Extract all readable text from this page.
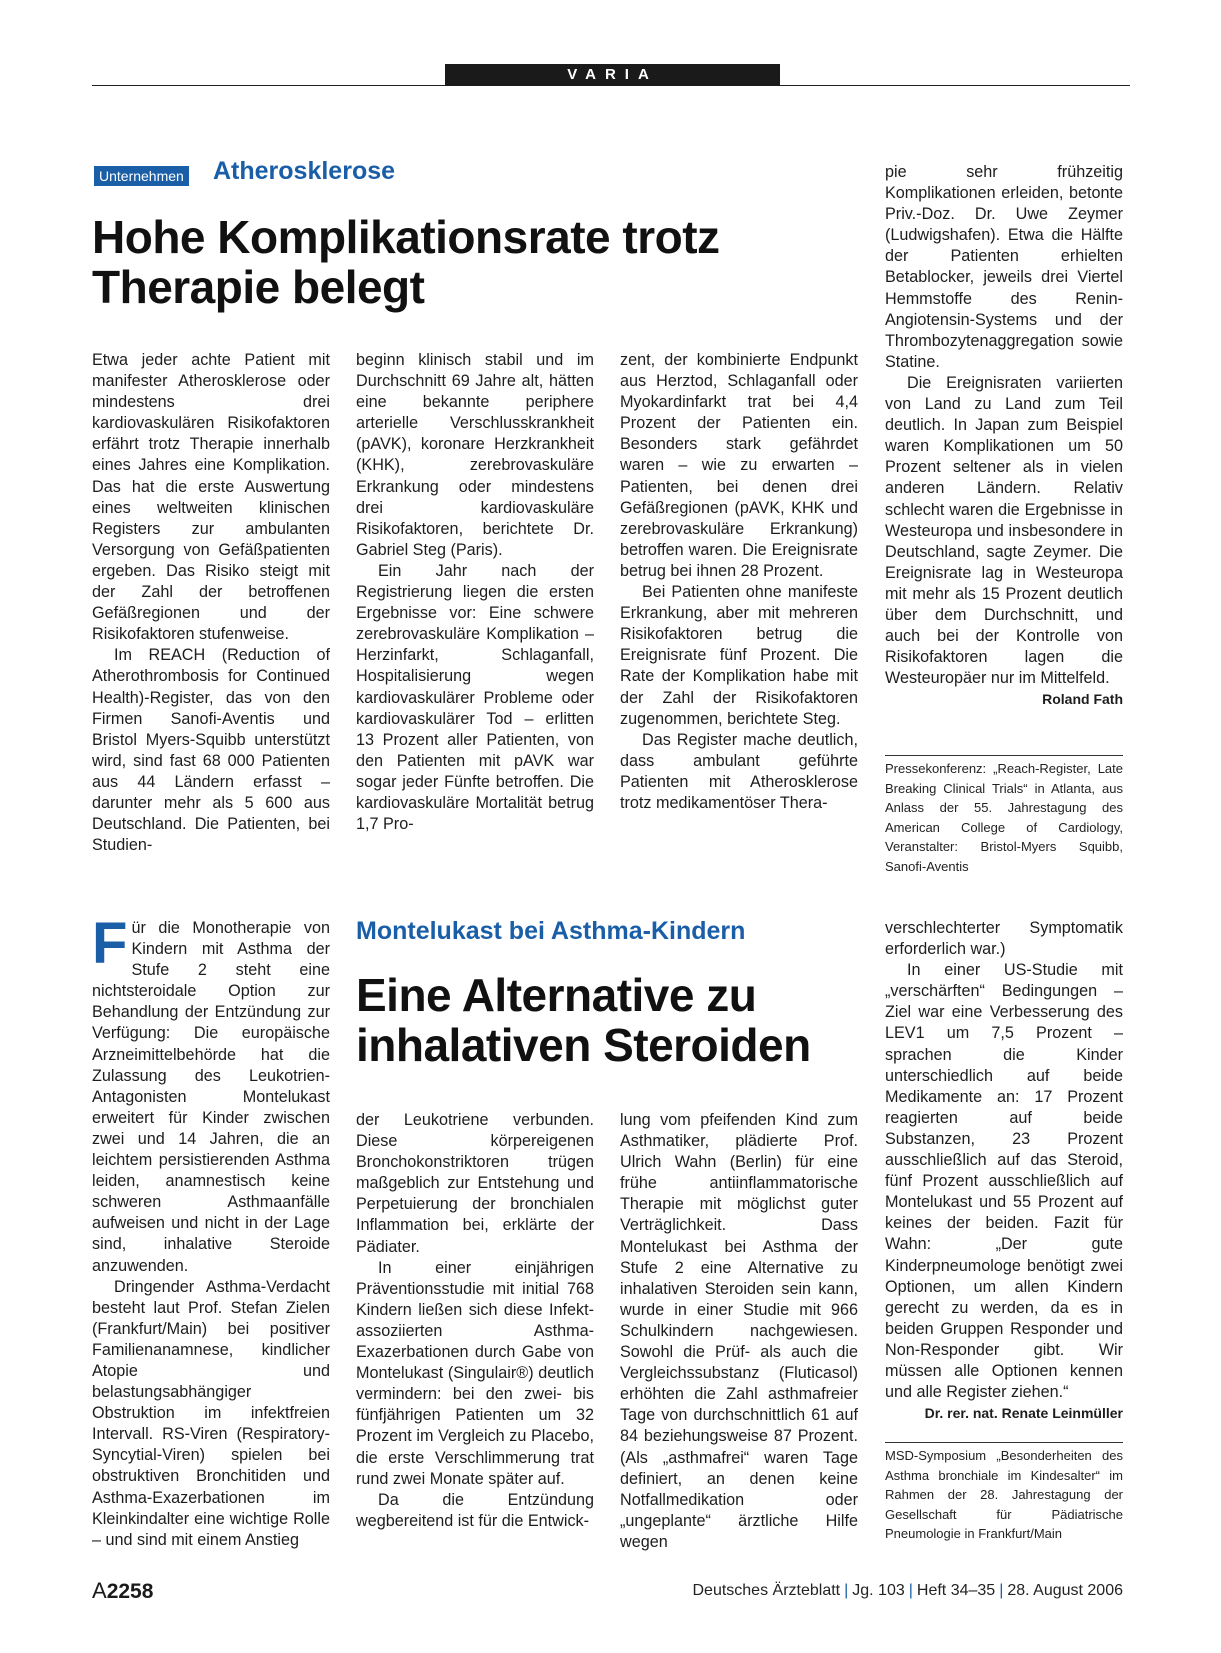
VARIA
Unternehmen Atherosklerose
Hohe Komplikationsrate trotz Therapie belegt

Etwa jeder achte Patient mit manifester Atherosklerose oder mindestens drei kardiovaskulären Risikofaktoren erfährt trotz Therapie innerhalb eines Jahres eine Komplikation. Das hat die erste Auswertung eines weltweiten klinischen Registers zur ambulanten Versorgung von Gefäßpatienten ergeben. Das Risiko steigt mit der Zahl der betroffenen Gefäßregionen und der Risikofaktoren stufenweise.

Im REACH (Reduction of Atherothrombosis for Continued Health)-Register, das von den Firmen Sanofi-Aventis und Bristol Myers-Squibb unterstützt wird, sind fast 68 000 Patienten aus 44 Ländern erfasst – darunter mehr als 5 600 aus Deutschland. Die Patienten, bei Studien-

beginn klinisch stabil und im Durchschnitt 69 Jahre alt, hätten eine bekannte periphere arterielle Verschlusskrankheit (pAVK), koronare Herzkrankheit (KHK), zerebrovaskuläre Erkrankung oder mindestens drei kardiovaskuläre Risikofaktoren, berichtete Dr. Gabriel Steg (Paris).

Ein Jahr nach der Registrierung liegen die ersten Ergebnisse vor: Eine schwere zerebrovaskuläre Komplikation – Herzinfarkt, Schlaganfall, Hospitalisierung wegen kardiovaskulärer Probleme oder kardiovaskulärer Tod – erlitten 13 Prozent aller Patienten, von den Patienten mit pAVK war sogar jeder Fünfte betroffen. Die kardiovaskuläre Mortalität betrug 1,7 Pro-

zent, der kombinierte Endpunkt aus Herztod, Schlaganfall oder Myokardinfarkt trat bei 4,4 Prozent der Patienten ein. Besonders stark gefährdet waren – wie zu erwarten – Patienten, bei denen drei Gefäßregionen (pAVK, KHK und zerebrovaskuläre Erkrankung) betroffen waren. Die Ereignisrate betrug bei ihnen 28 Prozent.

Bei Patienten ohne manifeste Erkrankung, aber mit mehreren Risikofaktoren betrug die Ereignisrate fünf Prozent. Die Rate der Komplikation habe mit der Zahl der Risikofaktoren zugenommen, berichtete Steg.

Das Register mache deutlich, dass ambulant geführte Patienten mit Atherosklerose trotz medikamentöser Thera-

pie sehr frühzeitig Komplikationen erleiden, betonte Priv.-Doz. Dr. Uwe Zeymer (Ludwigshafen). Etwa die Hälfte der Patienten erhielten Betablocker, jeweils drei Viertel Hemmstoffe des Renin-Angiotensin-Systems und der Thrombozytenaggregation sowie Statine.

Die Ereignisraten variierten von Land zu Land zum Teil deutlich. In Japan zum Beispiel waren Komplikationen um 50 Prozent seltener als in vielen anderen Ländern. Relativ schlecht waren die Ergebnisse in Westeuropa und insbesondere in Deutschland, sagte Zeymer. Die Ereignisrate lag in Westeuropa mit mehr als 15 Prozent deutlich über dem Durchschnitt, und auch bei der Kontrolle von Risikofaktoren lagen die Westeuropäer nur im Mittelfeld.

Roland Fath

Pressekonferenz: „Reach-Register, Late Breaking Clinical Trials“ in Atlanta, aus Anlass der 55. Jahrestagung des American College of Cardiology, Veranstalter: Bristol-Myers Squibb, Sanofi-Aventis

Für die Monotherapie von Kindern mit Asthma der Stufe 2 steht eine nichtsteroidale Option zur Behandlung der Entzündung zur Verfügung: Die europäische Arzneimittelbehörde hat die Zulassung des Leukotrien-Antagonisten Montelukast erweitert für Kinder zwischen zwei und 14 Jahren, die an leichtem persistierenden Asthma leiden, anamnestisch keine schweren Asthmaanfälle aufweisen und nicht in der Lage sind, inhalative Steroide anzuwenden.

Dringender Asthma-Verdacht besteht laut Prof. Stefan Zielen (Frankfurt/Main) bei positiver Familienanamnese, kindlicher Atopie und belastungsabhängiger Obstruktion im infektfreien Intervall. RS-Viren (Respiratory-Syncytial-Viren) spielen bei obstruktiven Bronchitiden und Asthma-Exazerbationen im Kleinkindalter eine wichtige Rolle – und sind mit einem Anstieg

Montelukast bei Asthma-Kindern
Eine Alternative zu inhalativen Steroiden

der Leukotriene verbunden. Diese körpereigenen Bronchokonstriktoren trügen maßgeblich zur Entstehung und Perpetuierung der bronchialen Inflammation bei, erklärte der Pädiater.

In einer einjährigen Präventionsstudie mit initial 768 Kindern ließen sich diese Infekt-assoziierten Asthma-Exazerbationen durch Gabe von Montelukast (Singulair®) deutlich vermindern: bei den zwei- bis fünfjährigen Patienten um 32 Prozent im Vergleich zu Placebo, die erste Verschlimmerung trat rund zwei Monate später auf.

Da die Entzündung wegbereitend ist für die Entwick-

lung vom pfeifenden Kind zum Asthmatiker, plädierte Prof. Ulrich Wahn (Berlin) für eine frühe antiinflammatorische Therapie mit möglichst guter Verträglichkeit. Dass Montelukast bei Asthma der Stufe 2 eine Alternative zu inhalativen Steroiden sein kann, wurde in einer Studie mit 966 Schulkindern nachgewiesen. Sowohl die Prüf- als auch die Vergleichssubstanz (Fluticasol) erhöhten die Zahl asthmafreier Tage von durchschnittlich 61 auf 84 beziehungsweise 87 Prozent. (Als „asthmafrei“ waren Tage definiert, an denen keine Notfallmedikation oder „ungeplante“ ärztliche Hilfe wegen

verschlechterter Symptomatik erforderlich war.)

In einer US-Studie mit „verschärften“ Bedingungen – Ziel war eine Verbesserung des LEV1 um 7,5 Prozent – sprachen die Kinder unterschiedlich auf beide Medikamente an: 17 Prozent reagierten auf beide Substanzen, 23 Prozent ausschließlich auf das Steroid, fünf Prozent ausschließlich auf Montelukast und 55 Prozent auf keines der beiden. Fazit für Wahn: „Der gute Kinderpneumologe benötigt zwei Optionen, um allen Kindern gerecht zu werden, da es in beiden Gruppen Responder und Non-Responder gibt. Wir müssen alle Optionen kennen und alle Register ziehen.“

Dr. rer. nat. Renate Leinmüller

MSD-Symposium „Besonderheiten des Asthma bronchiale im Kindesalter“ im Rahmen der 28. Jahrestagung der Gesellschaft für Pädiatrische Pneumologie in Frankfurt/Main
A2258	Deutsches Ärzteblatt | Jg. 103 | Heft 34–35 | 28. August 2006
